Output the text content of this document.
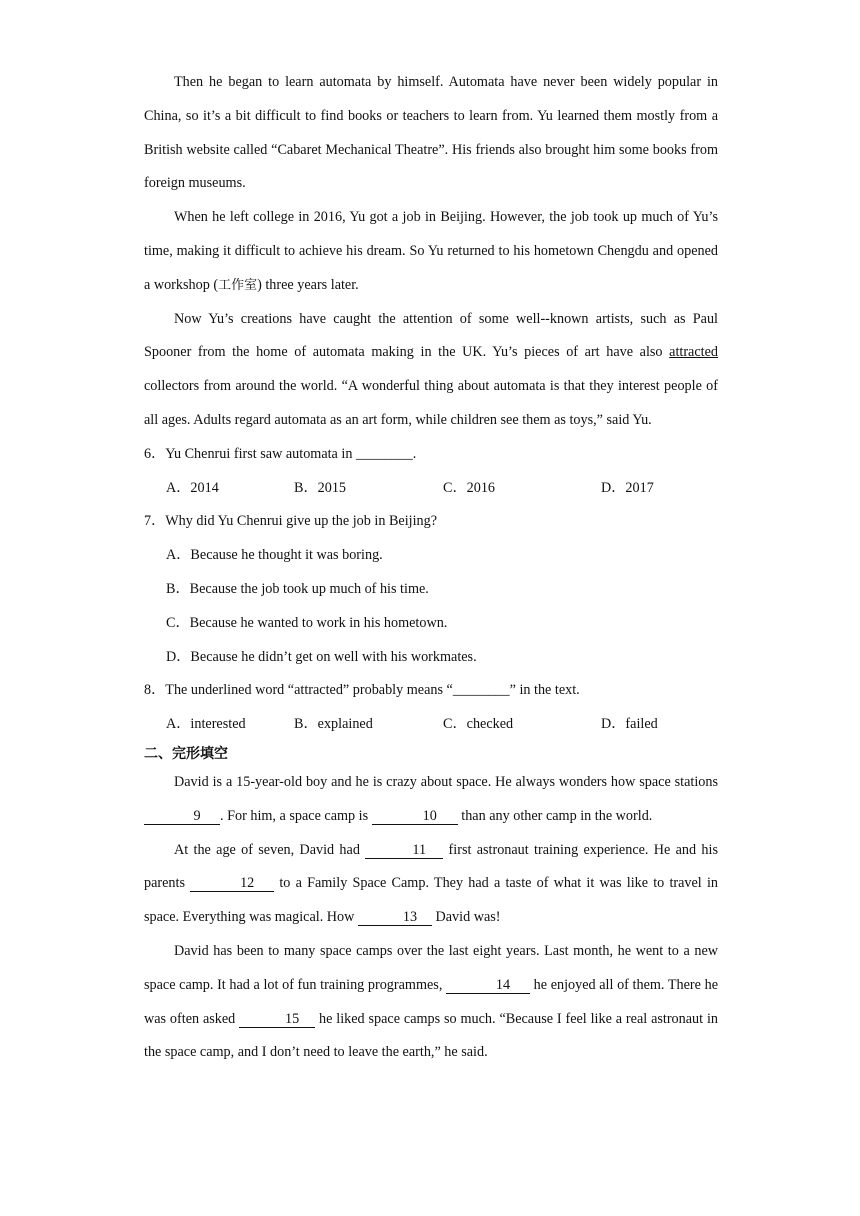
Then he began to learn automata by himself. Automata have never been widely popular in China, so it’s a bit difficult to find books or teachers to learn from. Yu learned them mostly from a British website called “Cabaret Mechanical Theatre”. His friends also brought him some books from foreign museums.

When he left college in 2016, Yu got a job in Beijing. However, the job took up much of Yu’s time, making it difficult to achieve his dream. So Yu returned to his hometown Chengdu and opened a workshop (工作室) three years later.

Now Yu’s creations have caught the attention of some well--known artists, such as Paul Spooner from the home of automata making in the UK. Yu’s pieces of art have also attracted collectors from around the world. “A wonderful thing about automata is that they interest people of all ages. Adults regard automata as an art form, while children see them as toys,” said Yu.

6．Yu Chenrui first saw automata in ________.

A．2014	B．2015	C．2016	D．2017

7．Why did Yu Chenrui give up the job in Beijing?

A．Because he thought it was boring.

B．Because the job took up much of his time.

C．Because he wanted to work in his hometown.

D．Because he didn’t get on well with his workmates.

8．The underlined word “attracted” probably means “________” in the text.

A．interested	B．explained	C．checked	D．failed

二、完形填空

David is a 15-year-old boy and he is crazy about space. He always wonders how space stations 9 . For him, a space camp is	10 than any other camp in the world.

At the age of seven, David had	11 first astronaut training experience. He and his parents	12 to a Family Space Camp. They had a taste of what it was like to travel in space. Everything was magical. How	13 David was!

David has been to many space camps over the last eight years. Last month, he went to a new space camp. It had a lot of fun training programmes,	14 he enjoyed all of them. There he was often asked	15 he liked space camps so much. “Because I feel like a real astronaut in the space camp, and I don’t need to leave the earth,” he said.
